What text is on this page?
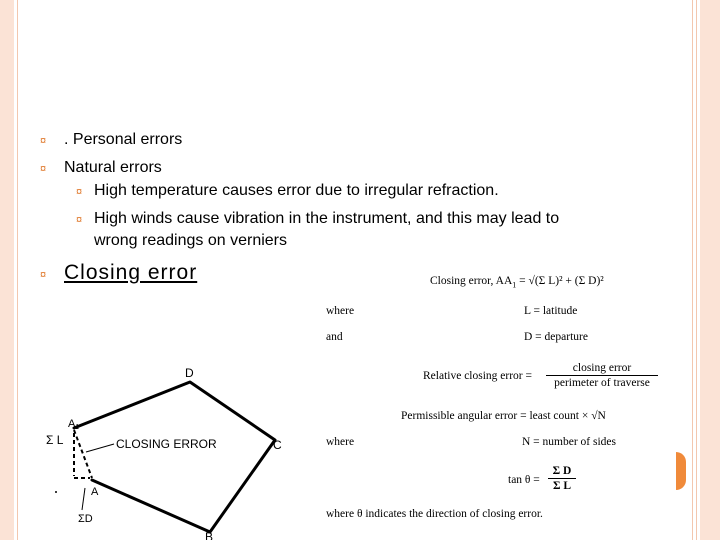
¤ . Personal errors
¤ Natural errors
¤ High temperature causes error due to irregular refraction.
¤ High winds cause vibration in the instrument, and this may lead to
wrong readings on verniers
¤ Closing error	Closing error, $AA_1 = √(\Sigma$ L)² + (Σ D)²
where	L = latitude
and	D = departure
Relative closing error =
closing error
perimeter of traverse
Permissible angular error = least count × √N
where	N = number of sides
tan θ =
Σ D
Σ L
where θ indicates the direction of closing error.
D
C
B
A
A1
Σ L
ΣD
CLOSING ERROR
